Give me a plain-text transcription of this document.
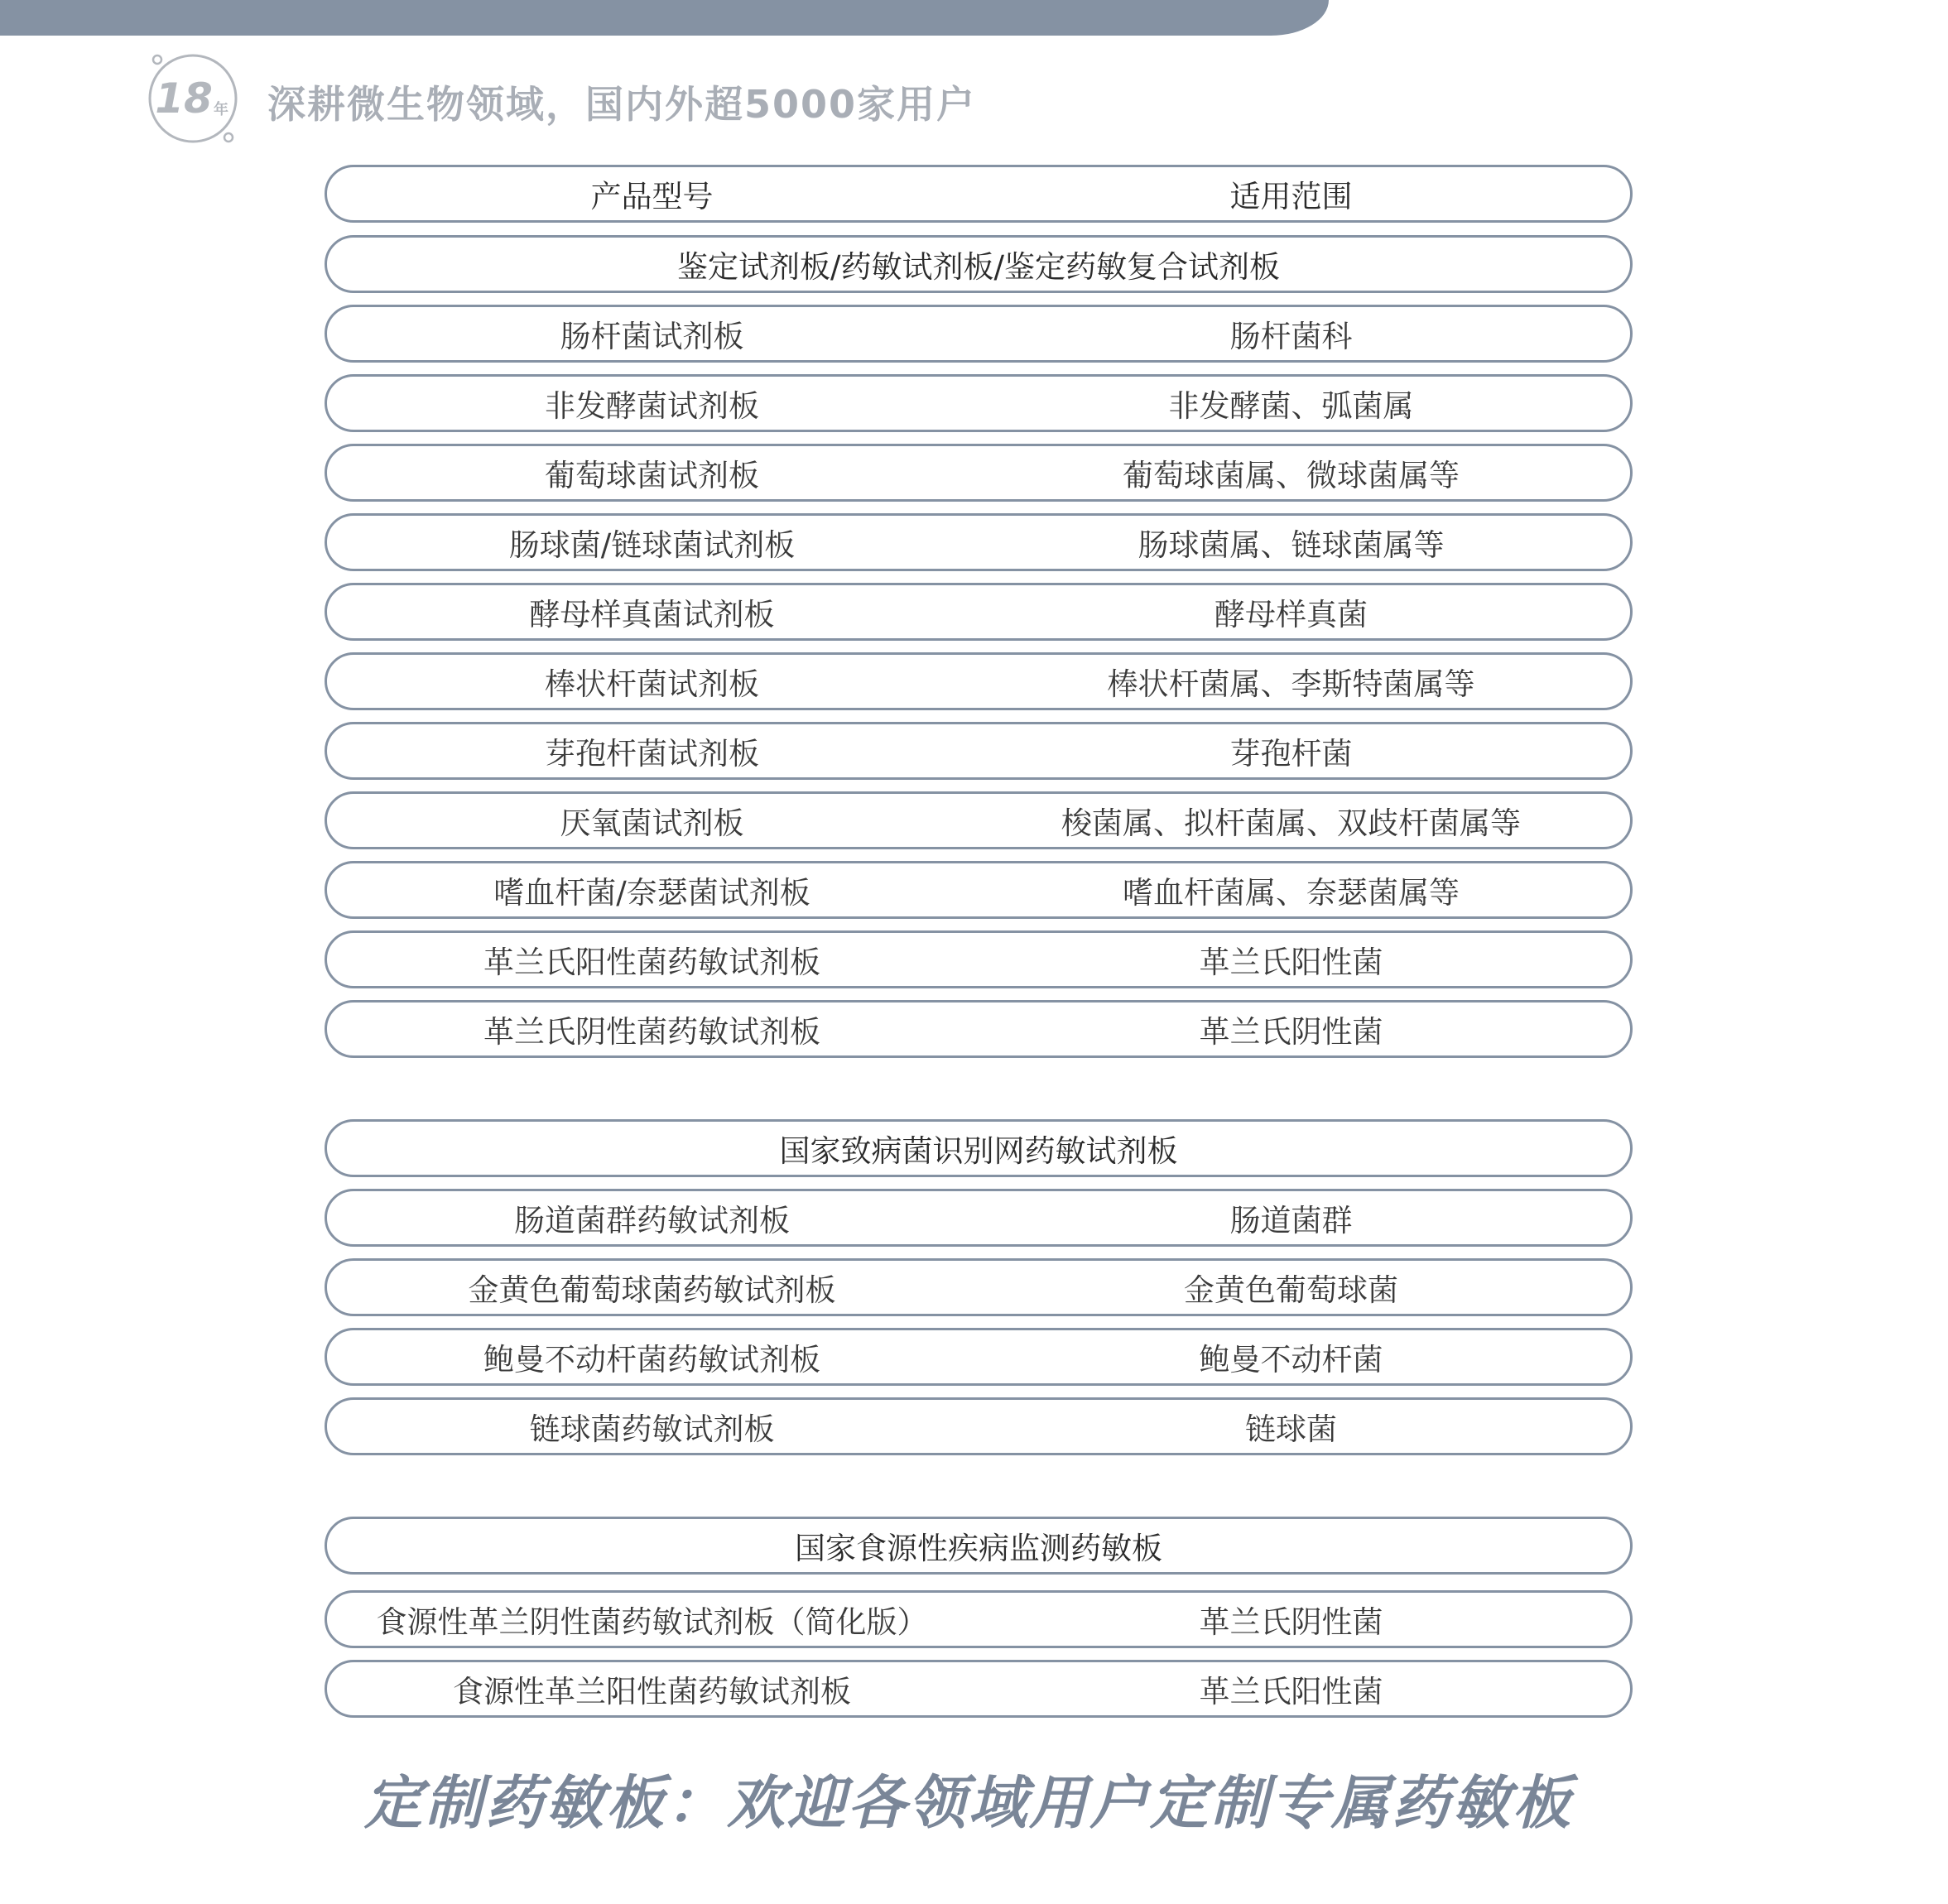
18 年 深耕微生物领域，国内外超5000家用户
产品型号	适用范围
鉴定试剂板/药敏试剂板/鉴定药敏复合试剂板
肠杆菌试剂板	肠杆菌科
非发酵菌试剂板	非发酵菌、弧菌属
葡萄球菌试剂板	葡萄球菌属、微球菌属等
肠球菌/链球菌试剂板	肠球菌属、链球菌属等
酵母样真菌试剂板	酵母样真菌
棒状杆菌试剂板	棒状杆菌属、李斯特菌属等
芽孢杆菌试剂板	芽孢杆菌
厌氧菌试剂板	梭菌属、拟杆菌属、双歧杆菌属等
嗜血杆菌/奈瑟菌试剂板	嗜血杆菌属、奈瑟菌属等
革兰氏阳性菌药敏试剂板	革兰氏阳性菌
革兰氏阴性菌药敏试剂板	革兰氏阴性菌
国家致病菌识别网药敏试剂板
肠道菌群药敏试剂板	肠道菌群
金黄色葡萄球菌药敏试剂板	金黄色葡萄球菌
鲍曼不动杆菌药敏试剂板	鲍曼不动杆菌
链球菌药敏试剂板	链球菌
国家食源性疾病监测药敏板
食源性革兰阴性菌药敏试剂板（简化版）	革兰氏阴性菌
食源性革兰阳性菌药敏试剂板	革兰氏阳性菌
定制药敏板：欢迎各领域用户定制专属药敏板
